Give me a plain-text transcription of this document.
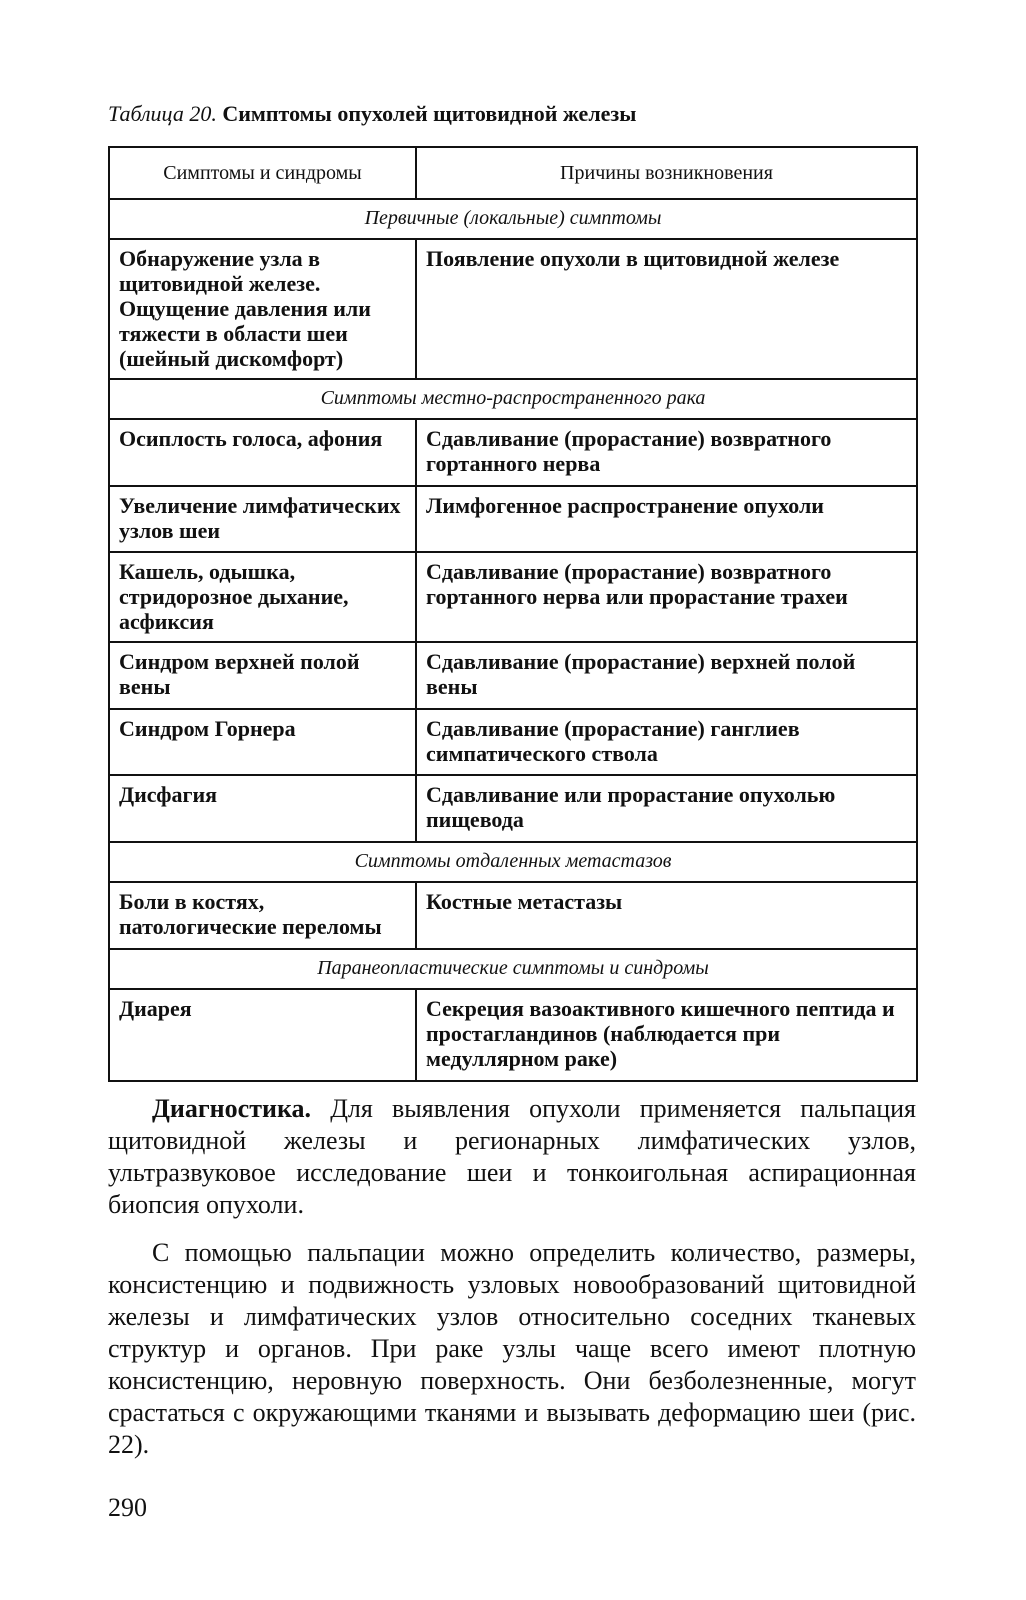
Таблица 20. Симптомы опухолей щитовидной железы
Симптомы и синдромы	Причины возникновения
Первичные (локальные) симптомы	
Обнаружение узла в щитовидной железе. Ощущение давления или тяжести в области шеи (шейный дискомфорт)	Появление опухоли в щитовидной железе
Симптомы местно-распространенного рака	
Осиплость голоса, афония	Сдавливание (прорастание) возвратного гортанного нерва
Увеличение лимфатических узлов шеи	Лимфогенное распространение опухоли
Кашель, одышка, стридорозное дыхание, асфиксия	Сдавливание (прорастание) возвратного гортанного нерва или прорастание трахеи
Синдром верхней полой вены	Сдавливание (прорастание) верхней полой вены
Синдром Горнера	Сдавливание (прорастание) ганглиев симпатического ствола
Дисфагия	Сдавливание или прорастание опухолью пищевода
Симптомы отдаленных метастазов	
Боли в костях, патологические переломы	Костные метастазы
Паранеопластические симптомы и синдромы	
Диарея	Секреция вазоактивного кишечного пептида и простагландинов (наблюдается при медуллярном раке)

Диагностика. Для выявления опухоли применяется пальпация щитовидной железы и регионарных лимфатических узлов, ультразвуковое исследование шеи и тонкоигольная аспирационная биопсия опухоли.

С помощью пальпации можно определить количество, размеры, консистенцию и подвижность узловых новообразований щитовидной железы и лимфатических узлов относительно соседних тканевых структур и органов. При раке узлы чаще всего имеют плотную консистенцию, неровную поверхность. Они безболезненные, могут срастаться с окружающими тканями и вызывать деформацию шеи (рис. 22).

290
